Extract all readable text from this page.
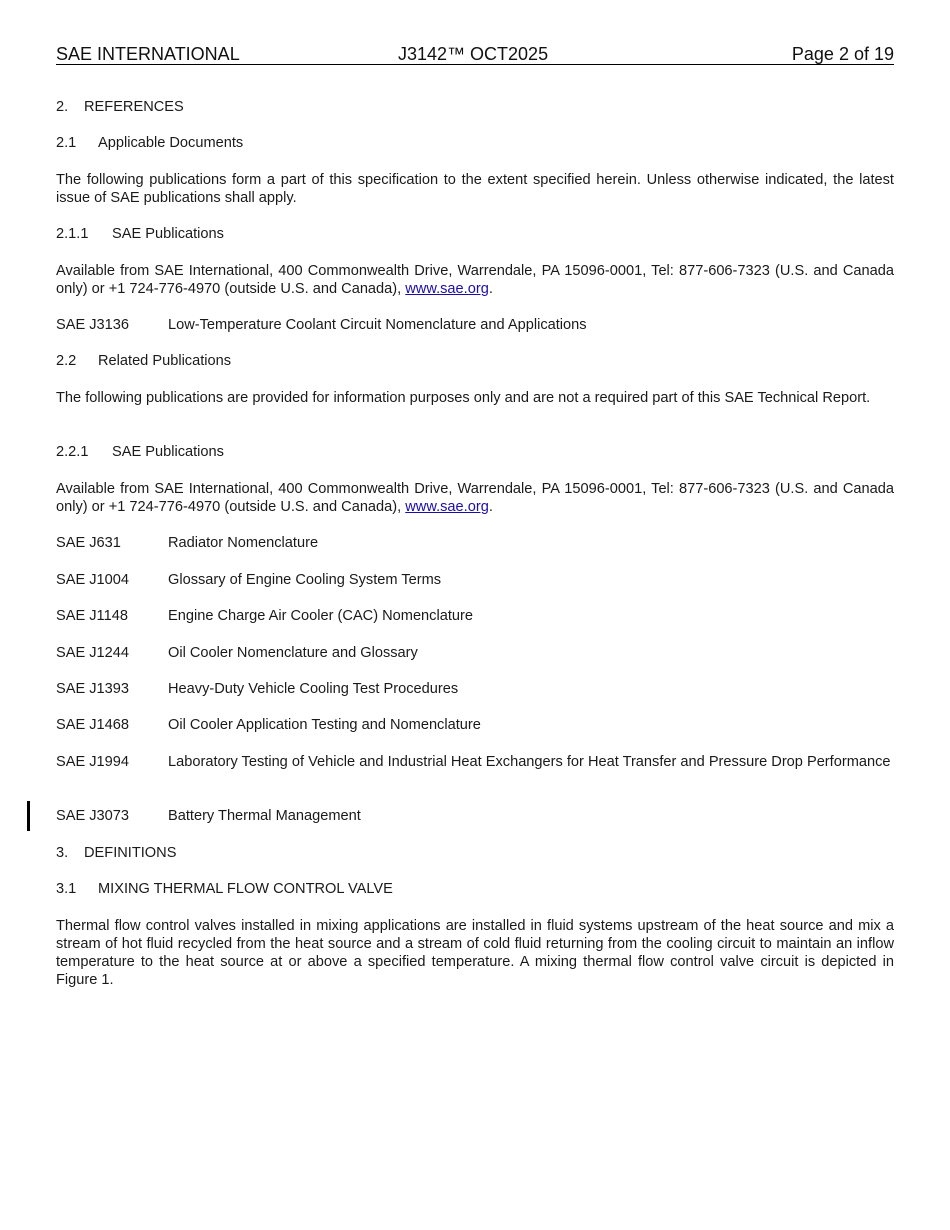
SAE INTERNATIONAL	J3142™ OCT2025	Page 2 of 19
2. REFERENCES
2.1 Applicable Documents
The following publications form a part of this specification to the extent specified herein. Unless otherwise indicated, the latest issue of SAE publications shall apply.
2.1.1 SAE Publications
Available from SAE International, 400 Commonwealth Drive, Warrendale, PA 15096-0001, Tel: 877-606-7323 (U.S. and Canada only) or +1 724-776-4970 (outside U.S. and Canada), www.sae.org.
SAE J3136	Low-Temperature Coolant Circuit Nomenclature and Applications
2.2 Related Publications
The following publications are provided for information purposes only and are not a required part of this SAE Technical Report.
2.2.1 SAE Publications
Available from SAE International, 400 Commonwealth Drive, Warrendale, PA 15096-0001, Tel: 877-606-7323 (U.S. and Canada only) or +1 724-776-4970 (outside U.S. and Canada), www.sae.org.
SAE J631	Radiator Nomenclature
SAE J1004	Glossary of Engine Cooling System Terms
SAE J1148	Engine Charge Air Cooler (CAC) Nomenclature
SAE J1244	Oil Cooler Nomenclature and Glossary
SAE J1393	Heavy-Duty Vehicle Cooling Test Procedures
SAE J1468	Oil Cooler Application Testing and Nomenclature
SAE J1994	Laboratory Testing of Vehicle and Industrial Heat Exchangers for Heat Transfer and Pressure Drop Performance
SAE J3073	Battery Thermal Management
3. DEFINITIONS
3.1 MIXING THERMAL FLOW CONTROL VALVE
Thermal flow control valves installed in mixing applications are installed in fluid systems upstream of the heat source and mix a stream of hot fluid recycled from the heat source and a stream of cold fluid returning from the cooling circuit to maintain an inflow temperature to the heat source at or above a specified temperature. A mixing thermal flow control valve circuit is depicted in Figure 1.
